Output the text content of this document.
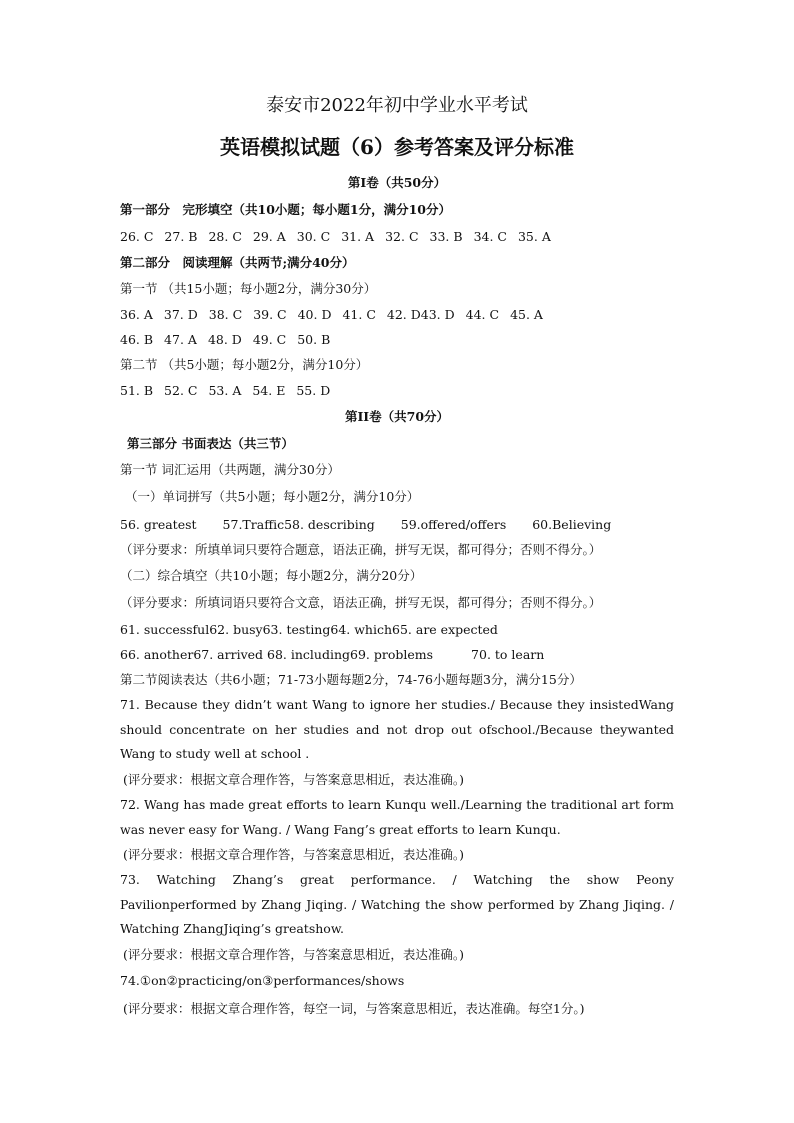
泰安市2022年初中学业水平考试
英语模拟试题（6）参考答案及评分标准
第I卷（共50分）
第一部分　完形填空（共10小题；每小题1分，满分10分）
26. C 27. B 28. C 29. A 30. C 31. A 32. C 33. B 34. C 35. A
第二部分　阅读理解（共两节;满分40分）
第一节 （共15小题；每小题2分，满分30分）
36. A 37. D 38. C 39. C 40. D 41. C 42. D43. D 44. C 45. A
46. B 47. A 48. D 49. C 50. B
第二节 （共5小题；每小题2分，满分10分）
51. B 52. C 53. A 54. E 55. D
第II卷（共70分）
第三部分 书面表达（共三节）
第一节 词汇运用（共两题，满分30分）
（一）单词拼写（共5小题；每小题2分，满分10分）
56. greatest 57.Traffic58. describing 59.offered/offers 60.Believing
（评分要求：所填单词只要符合题意，语法正确，拼写无误，都可得分；否则不得分。）
（二）综合填空（共10小题；每小题2分，满分20分）
（评分要求：所填词语只要符合文意，语法正确，拼写无误，都可得分；否则不得分。）
61. successful62. busy63. testing64. which65. are expected
66. another67. arrived 68. including69. problems	70. to learn
第二节阅读表达（共6小题；71-73小题每题2分，74-76小题每题3分，满分15分）
71. Because they didn’t want Wang to ignore her studies./ Because they insistedWang should concentrate on her studies and not drop out ofschool./Because theywanted Wang to study well at school .
(评分要求：根据文章合理作答，与答案意思相近，表达准确。)
72. Wang has made great efforts to learn Kunqu well./Learning the traditional art form was never easy for Wang. / Wang Fang’s great efforts to learn Kunqu.
(评分要求：根据文章合理作答，与答案意思相近，表达准确。)
73. Watching Zhang’s great performance. / Watching the show Peony Pavilionperformed by Zhang Jiqing. / Watching the show performed by Zhang Jiqing. / Watching ZhangJiqing’s greatshow.
(评分要求：根据文章合理作答，与答案意思相近，表达准确。)
74.①on②practicing/on③performances/shows
(评分要求：根据文章合理作答，每空一词，与答案意思相近，表达准确。每空1分。)
